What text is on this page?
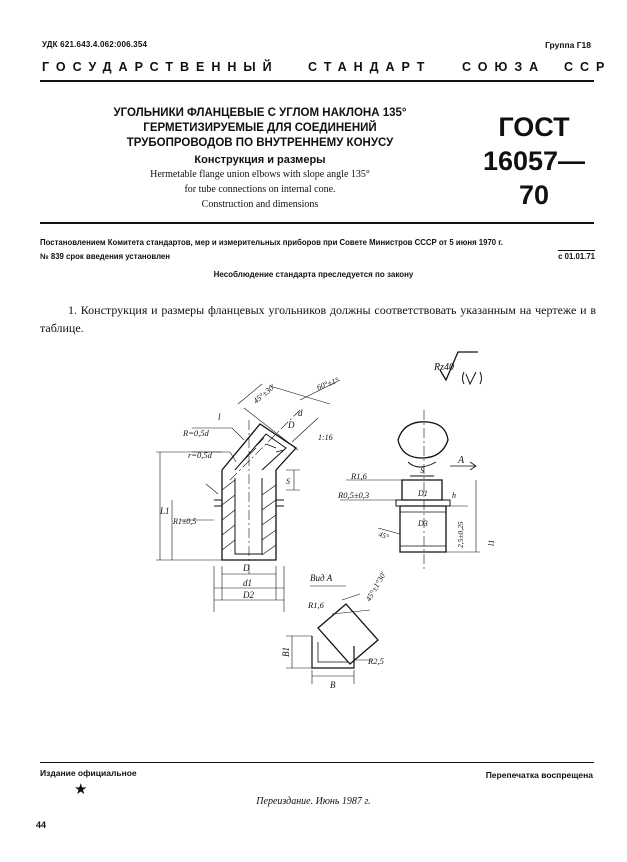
УДК 621.643.4.062:006.354	Группа Г18
ГОСУДАРСТВЕННЫЙ СТАНДАРТ СОЮЗА ССР
УГОЛЬНИКИ ФЛАНЦЕВЫЕ С УГЛОМ НАКЛОНА 135°
ГЕРМЕТИЗИРУЕМЫЕ ДЛЯ СОЕДИНЕНИЙ
ТРУБОПРОВОДОВ ПО ВНУТРЕННЕМУ КОНУСУ
Конструкция и размеры
Hermetable flange union elbows with slope angle 135°
for tube connections on internal cone.
Construction and dimensions
ГОСТ
16057—70
Постановлением Комитета стандартов, мер и измерительных приборов при Совете Министров СССР от 5 июня 1970 г.
№ 839 срок введения установлен	с 01.01.71
Несоблюдение стандарта преследуется по закону
1. Конструкция и размеры фланцевых угольников должны соответствовать указанным на чертеже и в таблице.
Rz40
R=0,5d
r=0,5d
R1±0,5
L1
D
d1
D2
S
45°±30′	60°±1°
1:16
d
D
l
A
R1,6
R0,5±0,3
S
D1
D3
h
l1
2,5±0,25
45°
Вид А
R1,6
R2,5
B
B1
45°±1°30′
Издание официальное	Перепечатка воспрещена
★
Переиздание. Июнь 1987 г.
44
